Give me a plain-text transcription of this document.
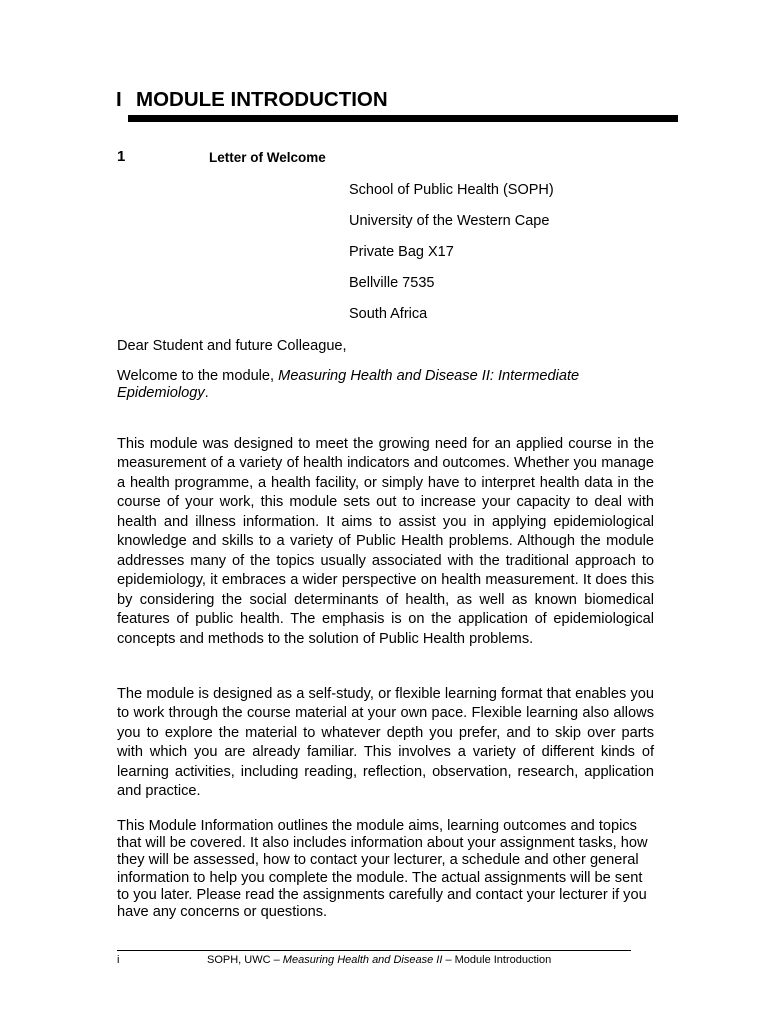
I MODULE INTRODUCTION
1	Letter of Welcome
School of Public Health (SOPH)
University of the Western Cape
Private Bag X17
Bellville 7535
South Africa

Dear Student and future Colleague,

Welcome to the module, Measuring Health and Disease II: Intermediate Epidemiology.

This module was designed to meet the growing need for an applied course in the measurement of a variety of health indicators and outcomes. Whether you manage a health programme, a health facility, or simply have to interpret health data in the course of your work, this module sets out to increase your capacity to deal with health and illness information. It aims to assist you in applying epidemiological knowledge and skills to a variety of Public Health problems. Although the module addresses many of the topics usually associated with the traditional approach to epidemiology, it embraces a wider perspective on health measurement. It does this by considering the social determinants of health, as well as known biomedical features of public health. The emphasis is on the application of epidemiological concepts and methods to the solution of Public Health problems.

The module is designed as a self-study, or flexible learning format that enables you to work through the course material at your own pace. Flexible learning also allows you to explore the material to whatever depth you prefer, and to skip over parts with which you are already familiar. This involves a variety of different kinds of learning activities, including reading, reflection, observation, research, application and practice.

This Module Information outlines the module aims, learning outcomes and topics that will be covered. It also includes information about your assignment tasks, how they will be assessed, how to contact your lecturer, a schedule and other general information to help you complete the module. The actual assignments will be sent to you later. Please read the assignments carefully and contact your lecturer if you have any concerns or questions.

i	SOPH, UWC – Measuring Health and Disease II – Module Introduction
